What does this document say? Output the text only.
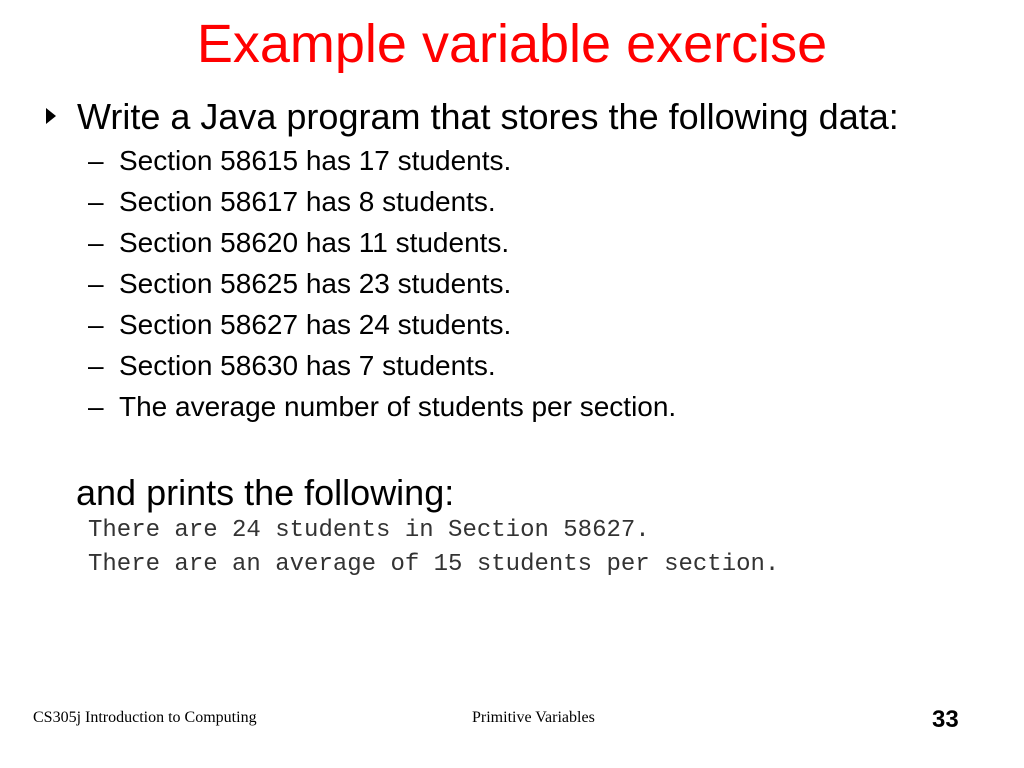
Example variable exercise
Write a Java program that stores the following data:
– Section 58615 has 17 students.
– Section 58617 has 8 students.
– Section 58620 has 11 students.
– Section 58625 has 23 students.
– Section 58627 has 24 students.
– Section 58630 has 7 students.
– The average number of students per section.
and prints the following:
There are 24 students in Section 58627.
There are an average of 15 students per section.
CS305j Introduction to Computing	Primitive Variables	33
